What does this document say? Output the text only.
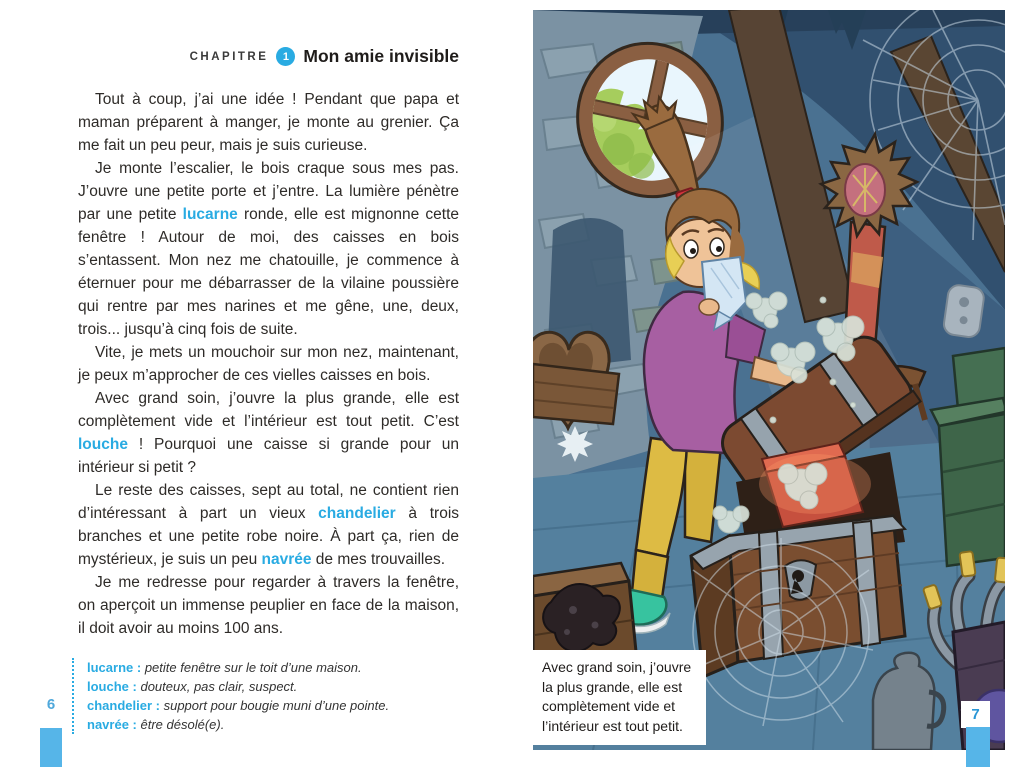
CHAPITRE	1 Mon amie invisible

Tout à coup, j’ai une idée ! Pendant que papa et maman préparent à manger, je monte au grenier. Ça me fait un peu peur, mais je suis curieuse.

Je monte l’escalier, le bois craque sous mes pas. J’ouvre une petite porte et j’entre. La lumière pénètre par une petite lucarne ronde, elle est mignonne cette fenêtre ! Autour de moi, des caisses en bois s’entassent. Mon nez me chatouille, je commence à éternuer pour me débarrasser de la vilaine poussière qui rentre par mes narines et me gêne, une, deux, trois... jusqu’à cinq fois de suite.

Vite, je mets un mouchoir sur mon nez, maintenant, je peux m’approcher de ces vielles caisses en bois.

Avec grand soin, j’ouvre la plus grande, elle est complètement vide et l’intérieur est tout petit. C’est louche ! Pourquoi une caisse si grande pour un intérieur si petit ?

Le reste des caisses, sept au total, ne contient rien d’intéressant à part un vieux chandelier à trois branches et une petite robe noire. À part ça, rien de mystérieux, je suis un peu navrée de mes trouvailles.

Je me redresse pour regarder à travers la fenêtre, on aperçoit un immense peuplier en face de la maison, il doit avoir au moins 100 ans.

lucarne : petite fenêtre sur le toit d’une maison.
louche : douteux, pas clair, suspect.
chandelier : support pour bougie muni d’une pointe.
navrée : être désolé(e).
6
Avec grand soin, j’ouvre la plus grande, elle est complètement vide et l’intérieur est tout petit.
7
